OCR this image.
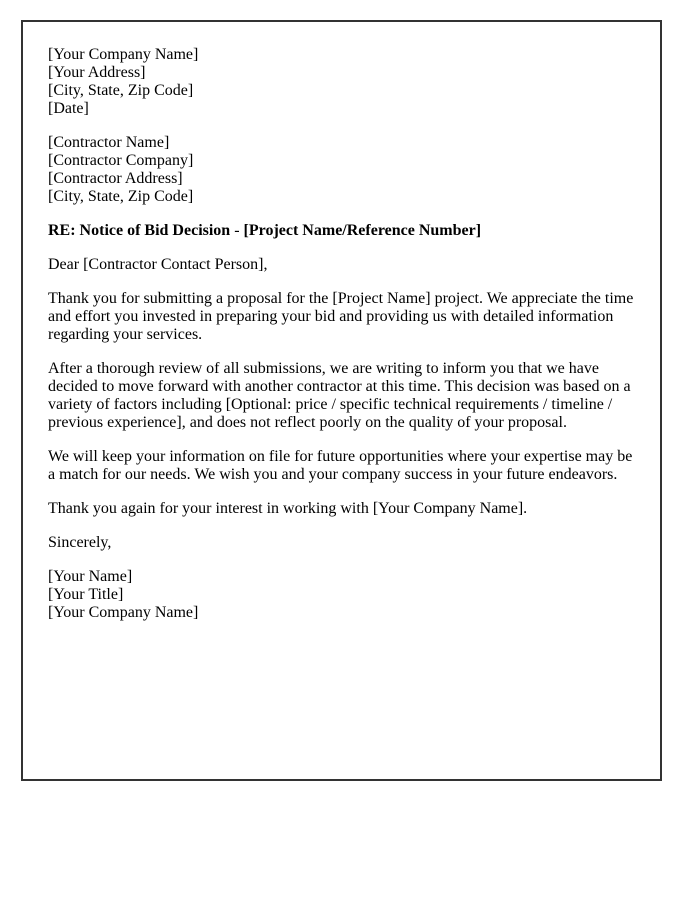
[Your Company Name]
[Your Address]
[City, State, Zip Code]
[Date]

[Contractor Name]
[Contractor Company]
[Contractor Address]
[City, State, Zip Code]

RE: Notice of Bid Decision - [Project Name/Reference Number]

Dear [Contractor Contact Person],

Thank you for submitting a proposal for the [Project Name] project. We appreciate the time and effort you invested in preparing your bid and providing us with detailed information regarding your services.

After a thorough review of all submissions, we are writing to inform you that we have decided to move forward with another contractor at this time. This decision was based on a variety of factors including [Optional: price / specific technical requirements / timeline / previous experience], and does not reflect poorly on the quality of your proposal.

We will keep your information on file for future opportunities where your expertise may be a match for our needs. We wish you and your company success in your future endeavors.

Thank you again for your interest in working with [Your Company Name].

Sincerely,

[Your Name]
[Your Title]
[Your Company Name]
